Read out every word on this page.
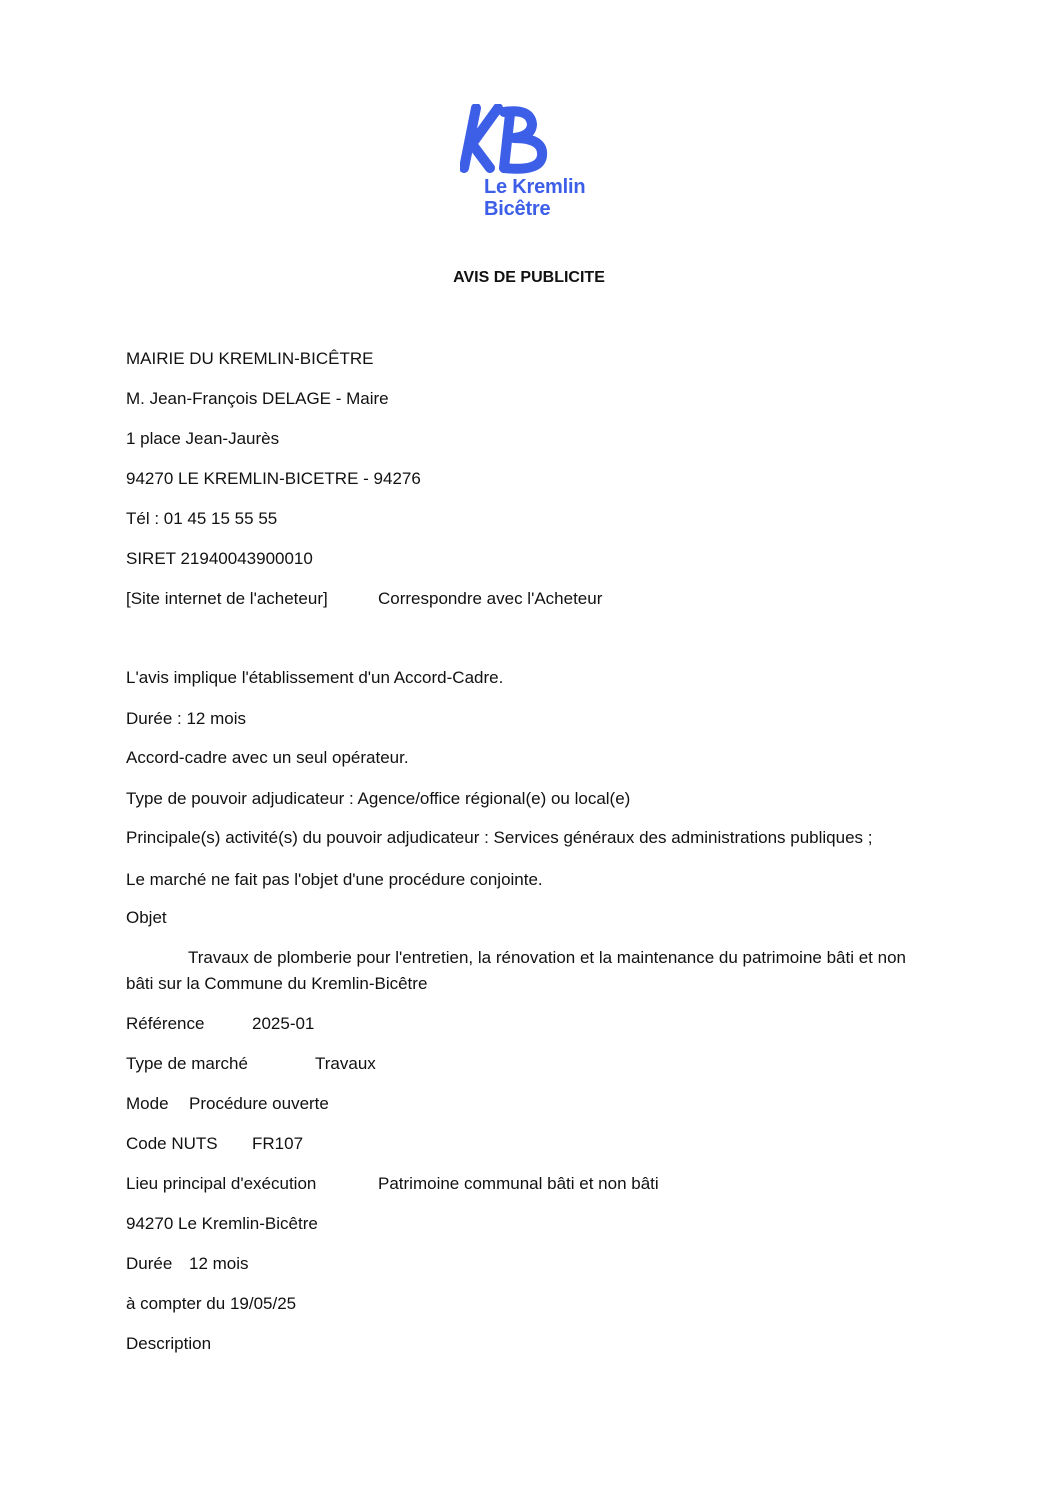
Le Kremlin
Bicêtre
AVIS DE PUBLICITE
MAIRIE DU KREMLIN-BICÊTRE
M. Jean-François DELAGE - Maire
1 place Jean-Jaurès
94270 LE KREMLIN-BICETRE - 94276
Tél : 01 45 15 55 55
SIRET 21940043900010
[Site internet de l'acheteur]	Correspondre avec l'Acheteur
L'avis implique l'établissement d'un Accord-Cadre.
Durée : 12 mois
Accord-cadre avec un seul opérateur.
Type de pouvoir adjudicateur : Agence/office régional(e) ou local(e)
Principale(s) activité(s) du pouvoir adjudicateur : Services généraux des administrations publiques ;
Le marché ne fait pas l'objet d'une procédure conjointe.
Objet
Travaux de plomberie pour l'entretien, la rénovation et la maintenance du patrimoine bâti et non bâti sur la Commune du Kremlin-Bicêtre
Référence	2025-01
Type de marché	Travaux
Mode Procédure ouverte
Code NUTS FR107
Lieu principal d'exécution	Patrimoine communal bâti et non bâti
94270 Le Kremlin-Bicêtre
Durée 12 mois
à compter du 19/05/25
Description
